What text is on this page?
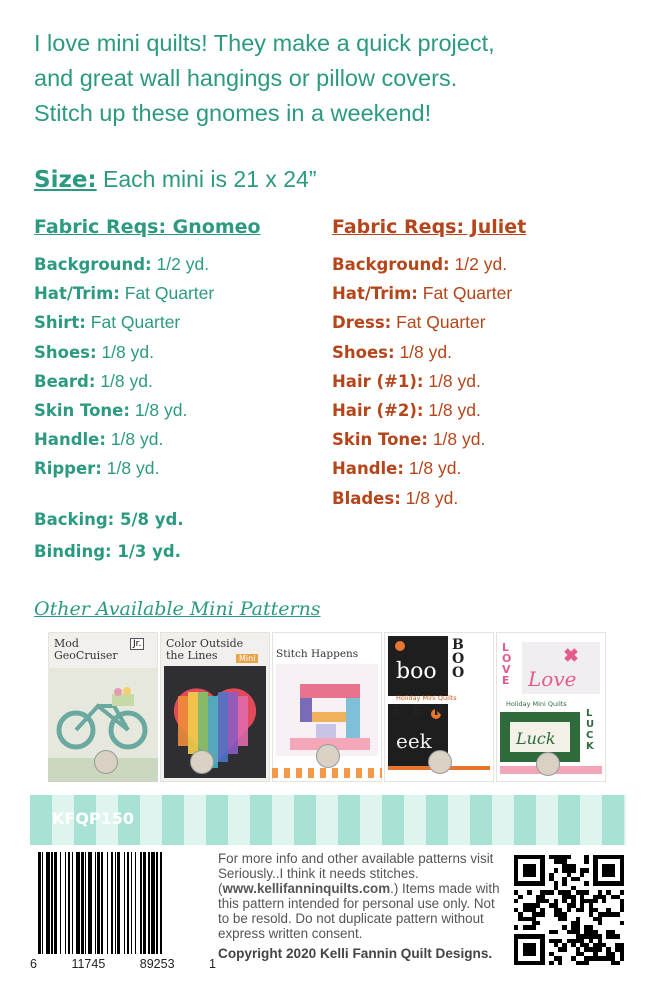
I love mini quilts! They make a quick project,
and great wall hangings or pillow covers.
Stitch up these gnomes in a weekend!
Size: Each mini is 21 x 24”
Fabric Reqs: Gnomeo
Background: 1/2 yd.
Hat/Trim: Fat Quarter
Shirt: Fat Quarter
Shoes: 1/8 yd.
Beard: 1/8 yd.
Skin Tone: 1/8 yd.
Handle: 1/8 yd.
Ripper: 1/8 yd.
Fabric Reqs: Juliet
Background: 1/2 yd.
Hat/Trim: Fat Quarter
Dress: Fat Quarter
Shoes: 1/8 yd.
Hair (#1): 1/8 yd.
Hair (#2): 1/8 yd.
Skin Tone: 1/8 yd.
Handle: 1/8 yd.
Blades: 1/8 yd.
Backing: 5/8 yd.
Binding: 1/3 yd.
Other Available Mini Patterns
Mod
GeoCruiser
Jr. Color Outside
the Lines	Mini Stitch Happens
boo
eek
BOO
EEK
Holiday Mini Quilts
Love
Luck
LOVE
LUCK
Holiday Mini Quilts
KFQP150
6	11745	89253	1
For more info and other available patterns visit
Seriously..I think it needs stitches.
(www.kellifanninquilts.com.) Items made with
this pattern intended for personal use only. Not
to be resold. Do not duplicate pattern without
express written consent.
Copyright 2020 Kelli Fannin Quilt Designs.
